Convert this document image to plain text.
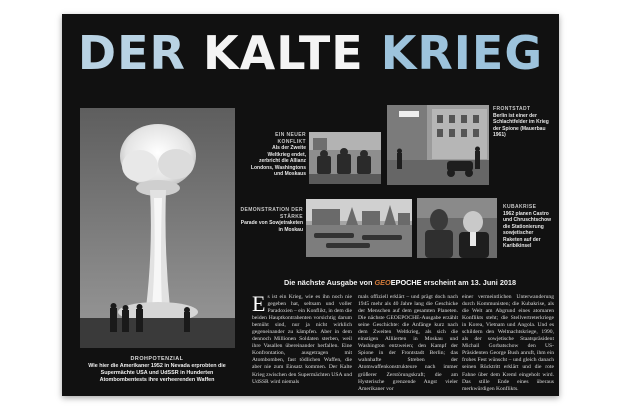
DER KALTE KRIEG
DROHPOTENZIAL
Wie hier die Amerikaner 1952 in Nevada erprobten die Supermächte USA und UdSSR in Hunderten Atombombentests ihre verheerenden Waffen
EIN NEUER KONFLIKT
Als der Zweite Weltkrieg endet, zerbricht die Allianz Londons, Washingtons und Moskaus
FRONTSTADT
Berlin ist einer der Schlachtfelder im Krieg der Spione (Mauerbau 1961)
DEMONSTRATION DER STÄRKE
Parade von Sowjetraketen in Moskau
KUBAKRISE
1962 planen Castro und Chruschtschow die Stationierung sowjetischer Raketen auf der Karibikinsel
Die nächste Ausgabe von GEOEPOCHE erscheint am 13. Juni 2018
E s ist ein Krieg, wie es ihn noch nie gegeben hat, seltsam und voller Paradoxien – ein Konflikt, in dem die beiden Hauptkontrahenten vorsichtig darum bemüht sind, nur ja nicht wirklich gegeneinander zu kämpfen. Aber in dem dennoch Millionen Soldaten sterben, weil ihre Vasallen übereinander herfallen. Eine Konfrontation, ausgetragen mit Atombomben, fast tödlichen Waffen, die aber nie zum Einsatz kommen. Der Kalte Krieg zwischen den Supermächten USA und UdSSR wird niemals
mals offiziell erklärt – und prägt doch nach 1945 mehr als 40 Jahre lang die Geschicke der Menschen auf dem gesamten Planeten. Die nächste GEOEPOCHE-Ausgabe erzählt seine Geschichte: die Anfänge kurz nach dem Zweiten Weltkrieg, als sich die einstigen Alliierten in Moskau und Washington entzweien; den Kampf der Spione in der Frontstadt Berlin; das wahnhafte Streben der Atomwaffenkonstrukteure nach immer größerer Zerstörungskraft; die am Hysterische grenzende Angst vieler Amerikaner vor
einer vermeintlichen Unterwanderung durch Kommunisten; die Kubakrise, als die Welt am Abgrund eines atomaren Konflikts steht; die Stellvertreterkriege in Korea, Vietnam und Angola. Und es schildern den Weltnachtskriege, 1990, als der sowjetische Staatspräsident Michail Gorbatschow den US-Präsidenten George Bush anruft, ihm ein frohes Fest wünscht – und gleich danach seinen Rücktritt erklärt und die rote Fahne über dem Kreml eingeholt wird. Das stille Ende eines überaus merkwürdigen Konflikts.
